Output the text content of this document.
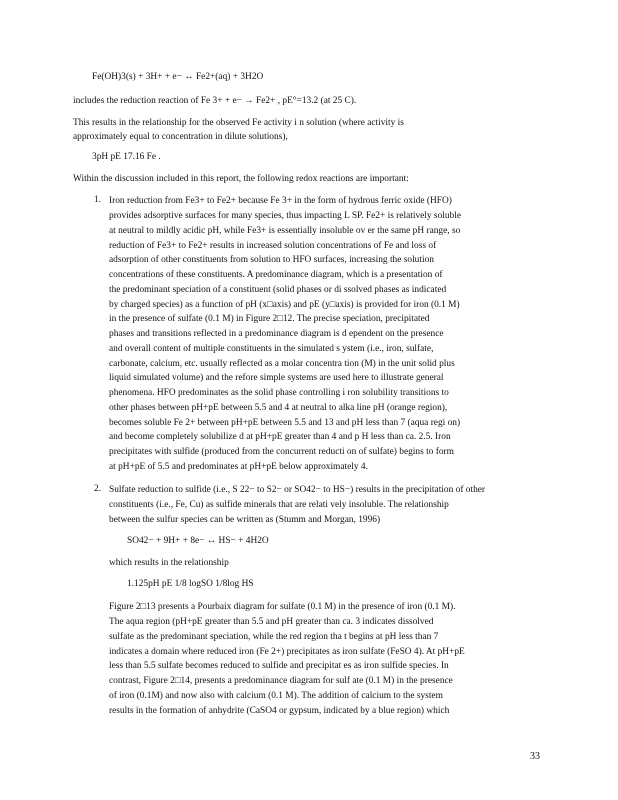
Fe(OH)3(s) + 3H+ + e− ↔ Fe2+(aq) + 3H2O
includes the reduction reaction of Fe 3+ + e− → Fe2+ , pE°=13.2 (at 25 C).
This results in the relationship for the observed Fe activity i n solution (where activity is
approximately equal to concentration in dilute solutions),
3pH pE 17.16 Fe .
Within the discussion included in this report, the following redox reactions are important:
1. Iron reduction from Fe3+ to Fe2+ because Fe 3+ in the form of hydrous ferric oxide (HFO)
provides adsorptive surfaces for many species, thus impacting L SP. Fe2+ is relatively soluble
at neutral to mildly acidic pH, while Fe3+ is essentially insoluble ov er the same pH range, so
reduction of Fe3+ to Fe2+ results in increased solution concentrations of Fe and loss of
adsorption of other constituents from solution to HFO surfaces, increasing the solution
concentrations of these constituents. A predominance diagram, which is a presentation of
the predominant speciation of a constituent (solid phases or di ssolved phases as indicated
by charged species) as a function of pH (x□axis) and pE (y□axis) is provided for iron (0.1 M)
in the presence of sulfate (0.1 M) in Figure 2□12. The precise speciation, precipitated
phases and transitions reflected in a predominance diagram is d ependent on the presence
and overall content of multiple constituents in the simulated s ystem (i.e., iron, sulfate,
carbonate, calcium, etc. usually reflected as a molar concentra tion (M) in the unit solid plus
liquid simulated volume) and the refore simple systems are used here to illustrate general
phenomena. HFO predominates as the solid phase controlling i ron solubility transitions to
other phases between pH+pE between 5.5 and 4 at neutral to alka line pH (orange region),
becomes soluble Fe 2+ between pH+pE between 5.5 and 13 and pH less than 7 (aqua regi on)
and become completely solubilize d at pH+pE greater than 4 and p H less than ca. 2.5. Iron
precipitates with sulfide (produced from the concurrent reducti on of sulfate) begins to form
at pH+pE of 5.5 and predominates at pH+pE below approximately 4.
2. Sulfate reduction to sulfide (i.e., S 22− to S2− or SO42− to HS−) results in the precipitation of other
constituents (i.e., Fe, Cu) as sulfide minerals that are relati vely insoluble. The relationship
between the sulfur species can be written as (Stumm and Morgan, 1996)
SO42− + 9H+ + 8e− ↔ HS− + 4H2O
which results in the relationship
1.125pH pE 1/8 logSO 1/8log HS
Figure 2□13 presents a Pourbaix diagram for sulfate (0.1 M) in the presence of iron (0.1 M).
The aqua region (pH+pE greater than 5.5 and pH greater than ca. 3 indicates dissolved
sulfate as the predominant speciation, while the red region tha t begins at pH less than 7
indicates a domain where reduced iron (Fe 2+) precipitates as iron sulfate (FeSO 4). At pH+pE
less than 5.5 sulfate becomes reduced to sulfide and precipitat es as iron sulfide species. In
contrast, Figure 2□14, presents a predominance diagram for sulf ate (0.1 M) in the presence
of iron (0.1M) and now also with calcium (0.1 M). The addition of calcium to the system
results in the formation of anhydrite (CaSO4 or gypsum, indicated by a blue region) which
33
